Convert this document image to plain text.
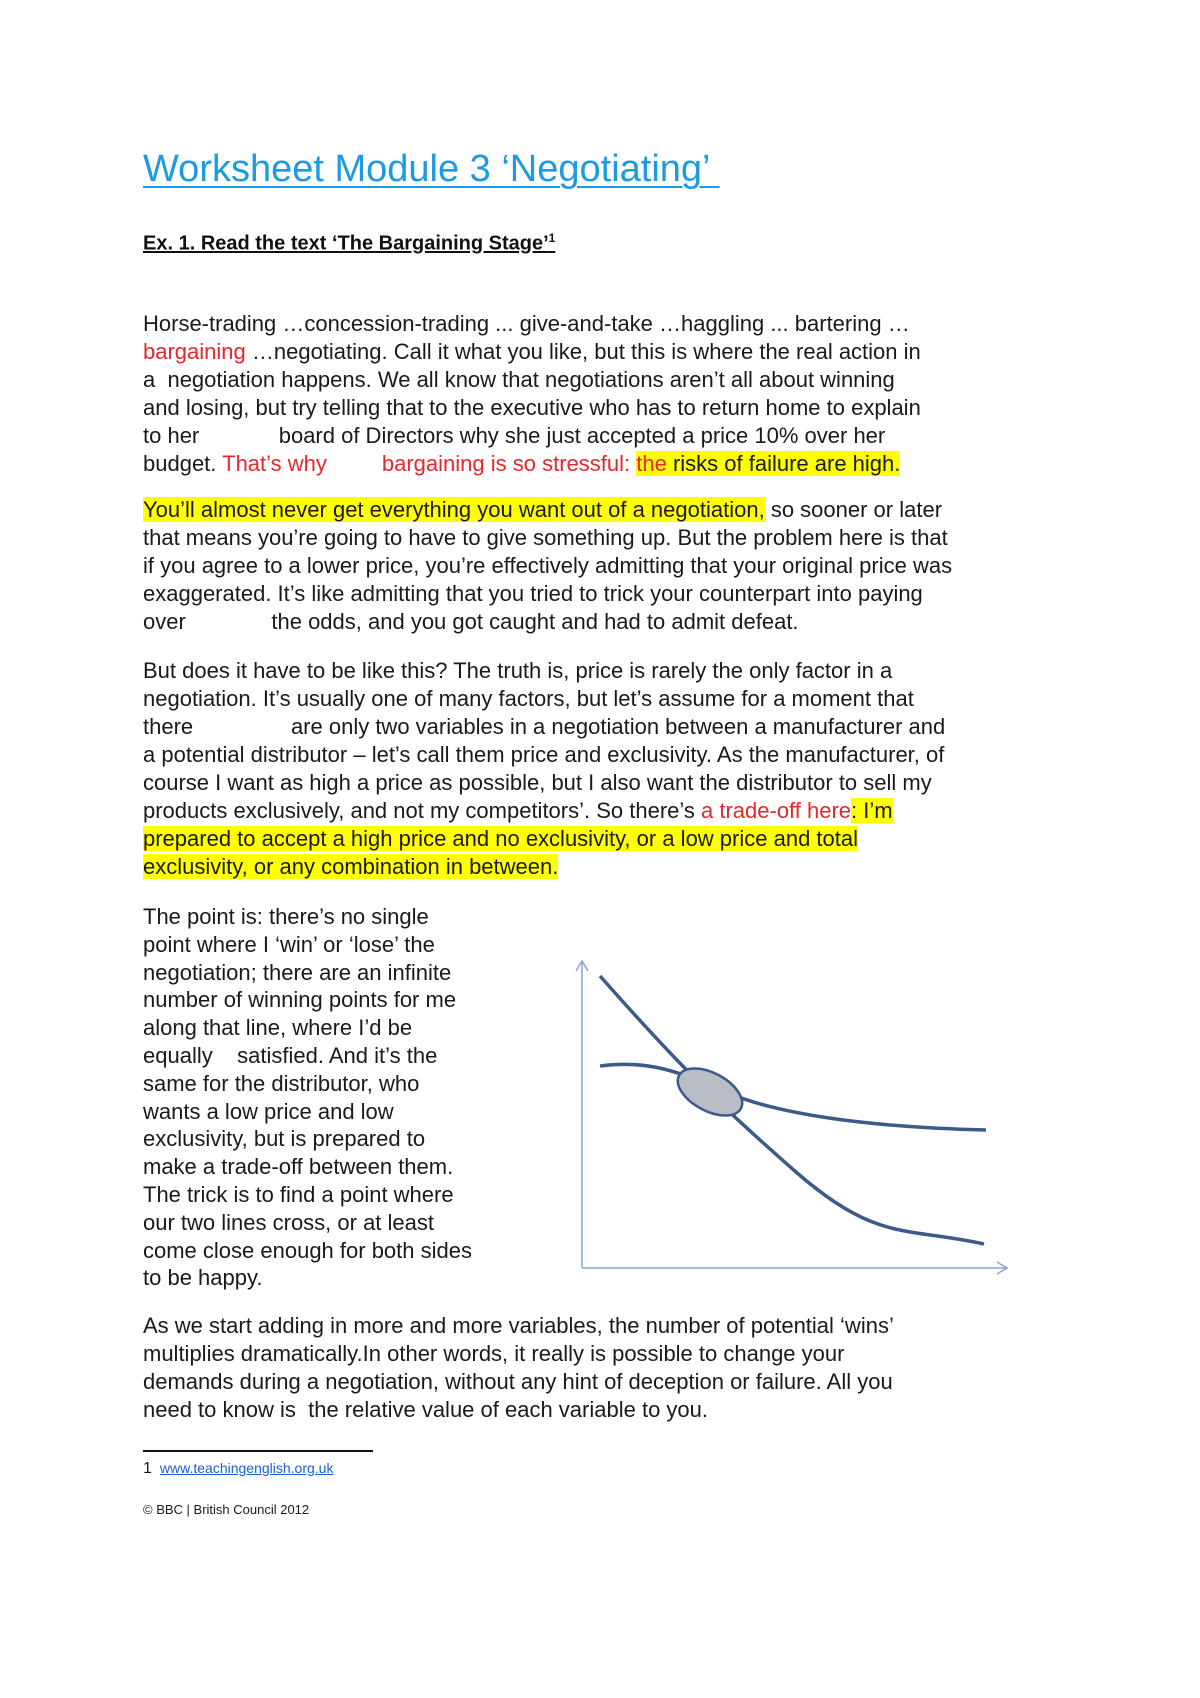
Worksheet Module 3 ‘Negotiating’
Ex. 1. Read the text ‘The Bargaining Stage’$^1$
Horse-trading …concession-trading ... give-and-take …haggling ... bartering …
bargaining …negotiating. Call it what you like, but this is where the real action in
a  negotiation happens. We all know that negotiations aren’t all about winning
and losing, but try telling that to the executive who has to return home to explain
to her             board of Directors why she just accepted a price 10% over her
budget. That’s why         bargaining is so stressful: the risks of failure are high.
You’ll almost never get everything you want out of a negotiation, so sooner or later
that means you’re going to have to give something up. But the problem here is that
if you agree to a lower price, you’re effectively admitting that your original price was
exaggerated. It’s like admitting that you tried to trick your counterpart into paying
over              the odds, and you got caught and had to admit defeat.
But does it have to be like this? The truth is, price is rarely the only factor in a
negotiation. It’s usually one of many factors, but let’s assume for a moment that
there                are only two variables in a negotiation between a manufacturer and
a potential distributor – let’s call them price and exclusivity. As the manufacturer, of
course I want as high a price as possible, but I also want the distributor to sell my
products exclusively, and not my competitors’. So there’s a trade-off here: I’m
prepared to accept a high price and no exclusivity, or a low price and total
exclusivity, or any combination in between.
The point is: there’s no single
point where I ‘win’ or ‘lose’ the
negotiation; there are an infinite
number of winning points for me
along that line, where I’d be
equally    satisfied. And it’s the
same for the distributor, who
wants a low price and low
exclusivity, but is prepared to
make a trade-off between them.
The trick is to find a point where
our two lines cross, or at least
come close enough for both sides
to be happy.
As we start adding in more and more variables, the number of potential ‘wins’
multiplies dramatically.In other words, it really is possible to change your
demands during a negotiation, without any hint of deception or failure. All you
need to know is  the relative value of each variable to you.
1 www.teachingenglish.org.uk
© BBC | British Council 2012
